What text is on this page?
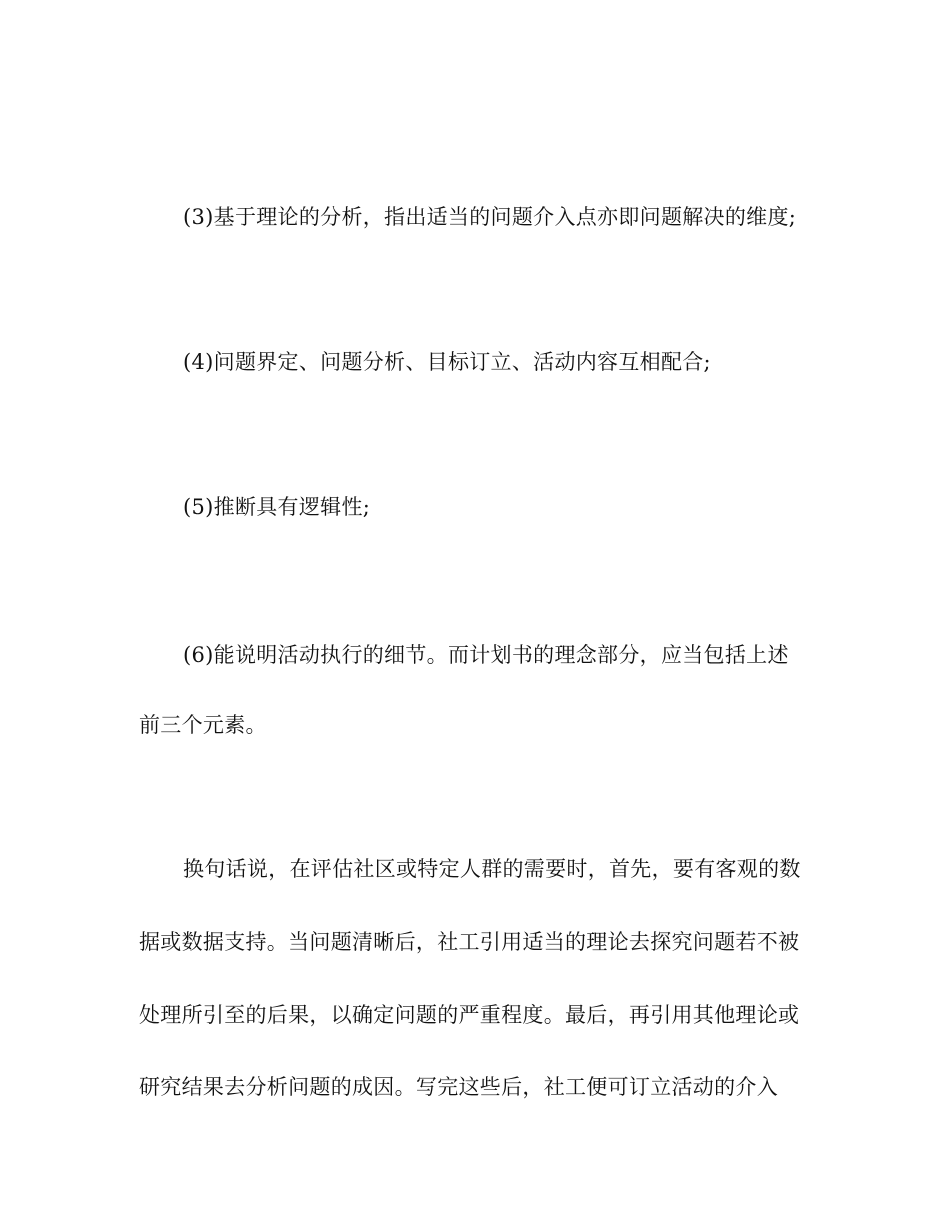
(3)基于理论的分析，指出适当的问题介入点亦即问题解决的维度;
(4)问题界定、问题分析、目标订立、活动内容互相配合;
(5)推断具有逻辑性;
(6)能说明活动执行的细节。而计划书的理念部分，应当包括上述
前三个元素。
换句话说，在评估社区或特定人群的需要时，首先，要有客观的数
据或数据支持。当问题清晰后，社工引用适当的理论去探究问题若不被
处理所引至的后果，以确定问题的严重程度。最后，再引用其他理论或
研究结果去分析问题的成因。写完这些后，社工便可订立活动的介入
